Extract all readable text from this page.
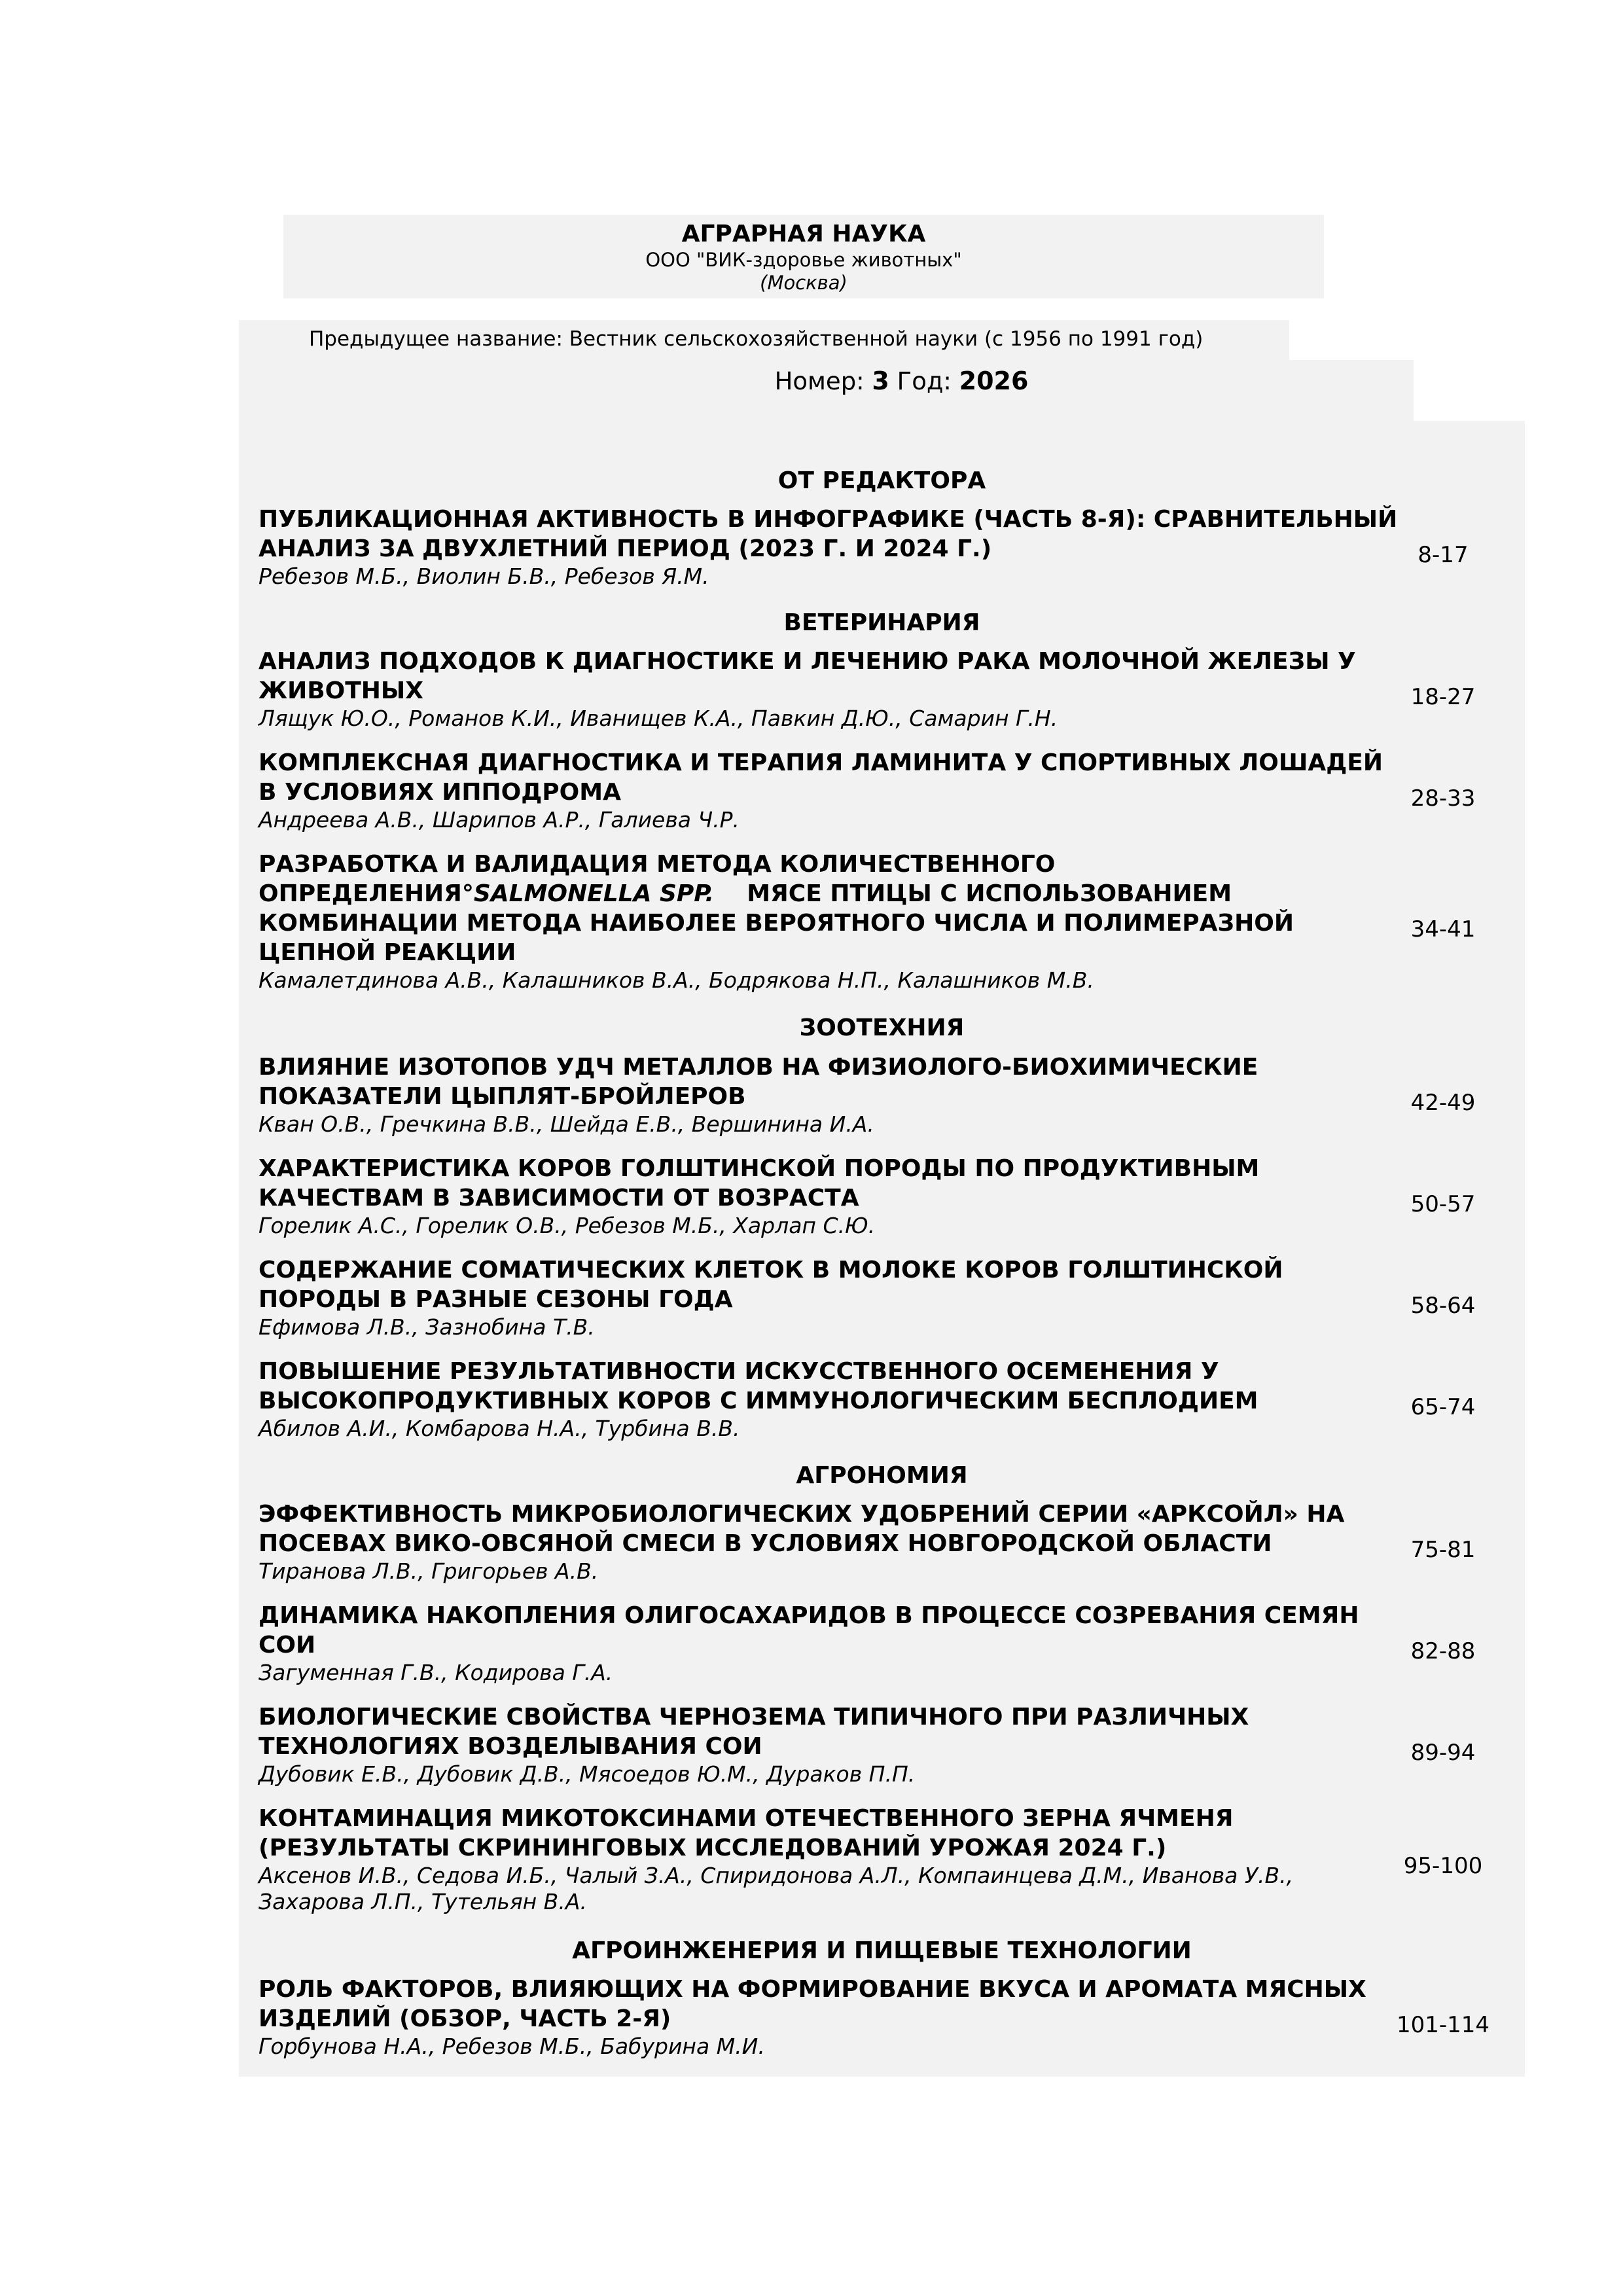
АГРАРНАЯ НАУКА
ООО "ВИК-здоровье животных"
(Москва)
Предыдущее название: Вестник сельскохозяйственной науки (с 1956 по 1991 год)
Номер: 3 Год: 2026
ОТ РЕДАКТОРА
ПУБЛИКАЦИОННАЯ АКТИВНОСТЬ В ИНФОГРАФИКЕ (ЧАСТЬ 8-Я): СРАВНИТЕЛЬНЫЙ
АНАЛИЗ ЗА ДВУХЛЕТНИЙ ПЕРИОД (2023 Г. И 2024 Г.)
Ребезов М.Б., Виолин Б.В., Ребезов Я.М.
8-17
ВЕТЕРИНАРИЯ
АНАЛИЗ ПОДХОДОВ К ДИАГНОСТИКЕ И ЛЕЧЕНИЮ РАКА МОЛОЧНОЙ ЖЕЛЕЗЫ У
ЖИВОТНЫХ
Лящук Ю.О., Романов К.И., Иванищев К.А., Павкин Д.Ю., Самарин Г.Н.
18-27
КОМПЛЕКСНАЯ ДИАГНОСТИКА И ТЕРАПИЯ ЛАМИНИТА У СПОРТИВНЫХ ЛОШАДЕЙ
В УСЛОВИЯХ ИППОДРОМА
Андреева А.В., Шарипов А.Р., Галиева Ч.Р.
28-33
РАЗРАБОТКА И ВАЛИДАЦИЯ МЕТОДА КОЛИЧЕСТВЕННОГО
ОПРЕДЕЛЕНИЯ°SALMONELLA SPP.    МЯСЕ ПТИЦЫ С ИСПОЛЬЗОВАНИЕМ
КОМБИНАЦИИ МЕТОДА НАИБОЛЕЕ ВЕРОЯТНОГО ЧИСЛА И ПОЛИМЕРАЗНОЙ
ЦЕПНОЙ РЕАКЦИИ
Камалетдинова А.В., Калашников В.А., Бодрякова Н.П., Калашников М.В.
34-41
ЗООТЕХНИЯ
ВЛИЯНИЕ ИЗОТОПОВ УДЧ МЕТАЛЛОВ НА ФИЗИОЛОГО-БИОХИМИЧЕСКИЕ
ПОКАЗАТЕЛИ ЦЫПЛЯТ-БРОЙЛЕРОВ
Кван О.В., Гречкина В.В., Шейда Е.В., Вершинина И.А.
42-49
ХАРАКТЕРИСТИКА КОРОВ ГОЛШТИНСКОЙ ПОРОДЫ ПО ПРОДУКТИВНЫМ
КАЧЕСТВАМ В ЗАВИСИМОСТИ ОТ ВОЗРАСТА
Горелик А.С., Горелик О.В., Ребезов М.Б., Харлап С.Ю.
50-57
СОДЕРЖАНИЕ СОМАТИЧЕСКИХ КЛЕТОК В МОЛОКЕ КОРОВ ГОЛШТИНСКОЙ
ПОРОДЫ В РАЗНЫЕ СЕЗОНЫ ГОДА
Ефимова Л.В., Зазнобина Т.В.
58-64
ПОВЫШЕНИЕ РЕЗУЛЬТАТИВНОСТИ ИСКУССТВЕННОГО ОСЕМЕНЕНИЯ У
ВЫСОКОПРОДУКТИВНЫХ КОРОВ С ИММУНОЛОГИЧЕСКИМ БЕСПЛОДИЕМ
Абилов А.И., Комбарова Н.А., Турбина В.В.
65-74
АГРОНОМИЯ
ЭФФЕКТИВНОСТЬ МИКРОБИОЛОГИЧЕСКИХ УДОБРЕНИЙ СЕРИИ «АРКСОЙЛ» НА
ПОСЕВАХ ВИКО-ОВСЯНОЙ СМЕСИ В УСЛОВИЯХ НОВГОРОДСКОЙ ОБЛАСТИ
Тиранова Л.В., Григорьев А.В.
75-81
ДИНАМИКА НАКОПЛЕНИЯ ОЛИГОСАХАРИДОВ В ПРОЦЕССЕ СОЗРЕВАНИЯ СЕМЯН
СОИ
Загуменная Г.В., Кодирова Г.А.
82-88
БИОЛОГИЧЕСКИЕ СВОЙСТВА ЧЕРНОЗЕМА ТИПИЧНОГО ПРИ РАЗЛИЧНЫХ
ТЕХНОЛОГИЯХ ВОЗДЕЛЫВАНИЯ СОИ
Дубовик Е.В., Дубовик Д.В., Мясоедов Ю.М., Дураков П.П.
89-94
КОНТАМИНАЦИЯ МИКОТОКСИНАМИ ОТЕЧЕСТВЕННОГО ЗЕРНА ЯЧМЕНЯ
(РЕЗУЛЬТАТЫ СКРИНИНГОВЫХ ИССЛЕДОВАНИЙ УРОЖАЯ 2024 Г.)
Аксенов И.В., Седова И.Б., Чалый З.А., Спиридонова А.Л., Компаинцева Д.М., Иванова У.В.,
Захарова Л.П., Тутельян В.А.
95-100
АГРОИНЖЕНЕРИЯ И ПИЩЕВЫЕ ТЕХНОЛОГИИ
РОЛЬ ФАКТОРОВ, ВЛИЯЮЩИХ НА ФОРМИРОВАНИЕ ВКУСА И АРОМАТА МЯСНЫХ
ИЗДЕЛИЙ (ОБЗОР, ЧАСТЬ 2-Я)
Горбунова Н.А., Ребезов М.Б., Бабурина М.И.
101-114
